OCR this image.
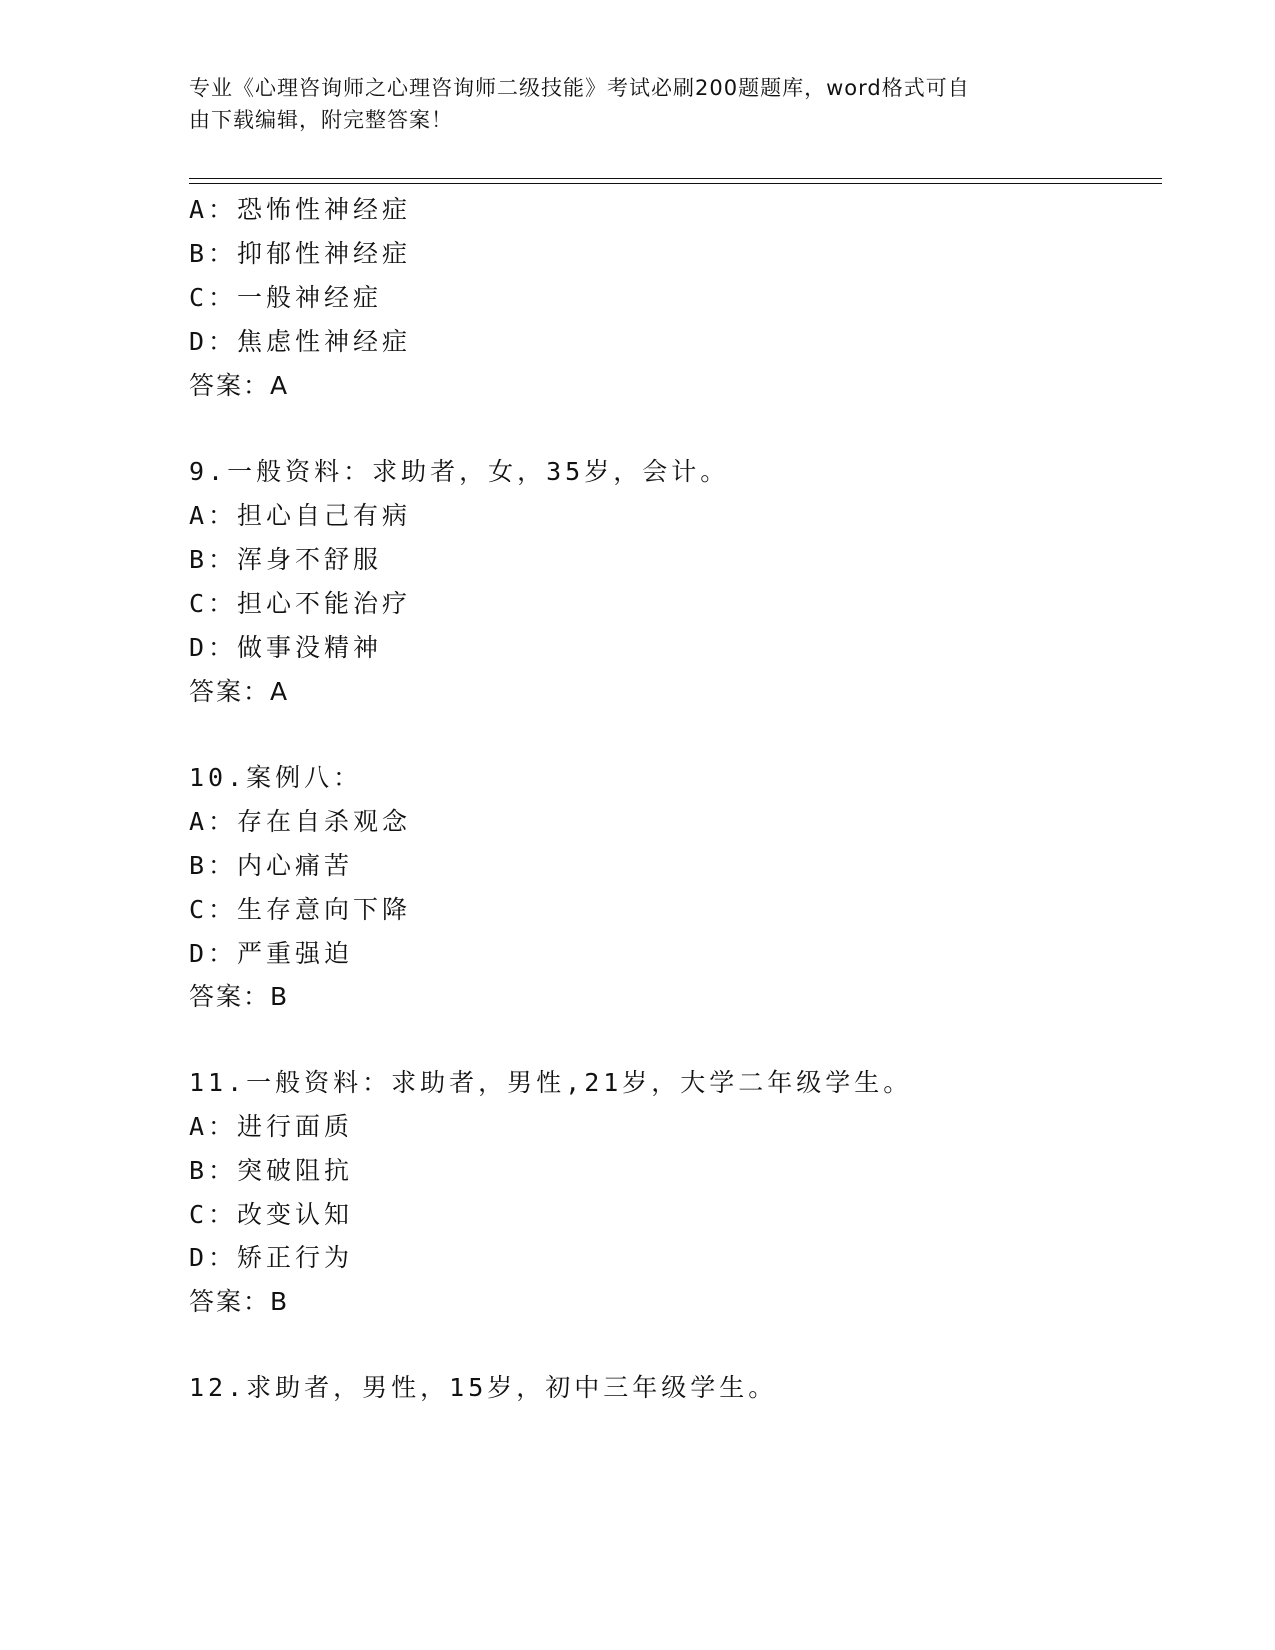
专业《心理咨询师之心理咨询师二级技能》考试必刷200题题库，word格式可自
由下载编辑，附完整答案！
A：恐怖性神经症
B：抑郁性神经症
C：一般神经症
D：焦虑性神经症
答案：A
9.一般资料：求助者，女，35岁，会计。
A：担心自己有病
B：浑身不舒服
C：担心不能治疗
D：做事没精神
答案：A
10.案例八：
A：存在自杀观念
B：内心痛苦
C：生存意向下降
D：严重强迫
答案：B
11.一般资料：求助者，男性,21岁，大学二年级学生。
A：进行面质
B：突破阻抗
C：改变认知
D：矫正行为
答案：B
12.求助者，男性，15岁，初中三年级学生。
